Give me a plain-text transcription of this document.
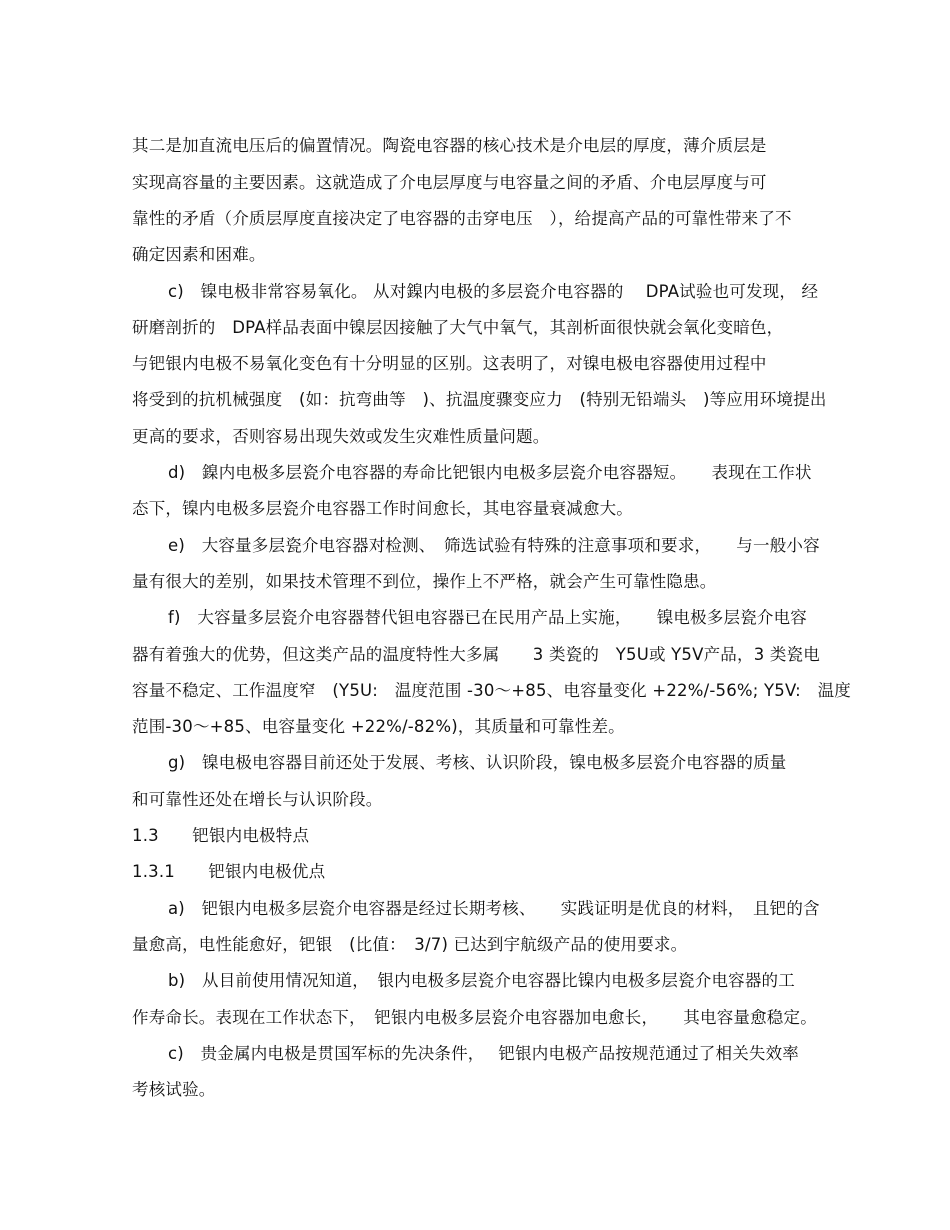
其二是加直流电压后的偏置情况。陶瓷电容器的核心技术是介电层的厚度，薄介质层是
实现高容量的主要因素。这就造成了介电层厚度与电容量之间的矛盾、介电层厚度与可
靠性的矛盾（介质层厚度直接决定了电容器的击穿电压　），给提高产品的可靠性带来了不
确定因素和困难。
c)　镍电极非常容易氧化。 从对鎳内电极的多层瓷介电容器的　 DPA试验也可发现， 经
研磨剖折的　DPA样品表面中镍层因接触了大气中氧气，其剖析面很快就会氧化变暗色，
与钯银内电极不易氧化变色有十分明显的区别。这表明了，对镍电极电容器使用过程中
将受到的抗机械强度　(如：抗弯曲等　)、抗温度骤变应力　(特别无铅端头　)等应用环境提出
更高的要求，否则容易出现失效或发生灾难性质量问题。
d)　鎳内电极多层瓷介电容器的寿命比钯银内电极多层瓷介电容器短。　　表现在工作状
态下，镍内电极多层瓷介电容器工作时间愈长，其电容量衰减愈大。
e)　大容量多层瓷介电容器对检测、　筛选试验有特殊的注意事项和要求，　　与一般小容
量有很大的差别，如果技术管理不到位，操作上不严格，就会产生可靠性隐患。
f)　大容量多层瓷介电容器替代钽电容器已在民用产品上实施，　　镍电极多层瓷介电容
器有着強大的优势，但这类产品的温度特性大多属　　3 类瓷的　Y5U或 Y5V产品，3 类瓷电
容量不稳定、工作温度窄　(Y5U:　温度范围 -30～+85、电容量变化 +22%/-56%; Y5V:　温度
范围-30～+85、电容量变化 +22%/-82%)，其质量和可靠性差。
g)　镍电极电容器目前还处于发展、考核、认识阶段，镍电极多层瓷介电容器的质量
和可靠性还处在增长与认识阶段。
1.3　　钯银内电极特点
1.3.1　　钯银内电极优点
a)　钯银内电极多层瓷介电容器是经过长期考核、　　实践证明是优良的材料，　且钯的含
量愈高，电性能愈好，钯银　(比值：　3/7) 已达到宇航级产品的使用要求。
b)　从目前使用情况知道，　银内电极多层瓷介电容器比镍内电极多层瓷介电容器的工
作寿命长。表现在工作状态下，　钯银内电极多层瓷介电容器加电愈长，　　其电容量愈稳定。
c)　贵金属内电极是贯国军标的先决条件，　 钯银内电极产品按规范通过了相关失效率
考核试验。
